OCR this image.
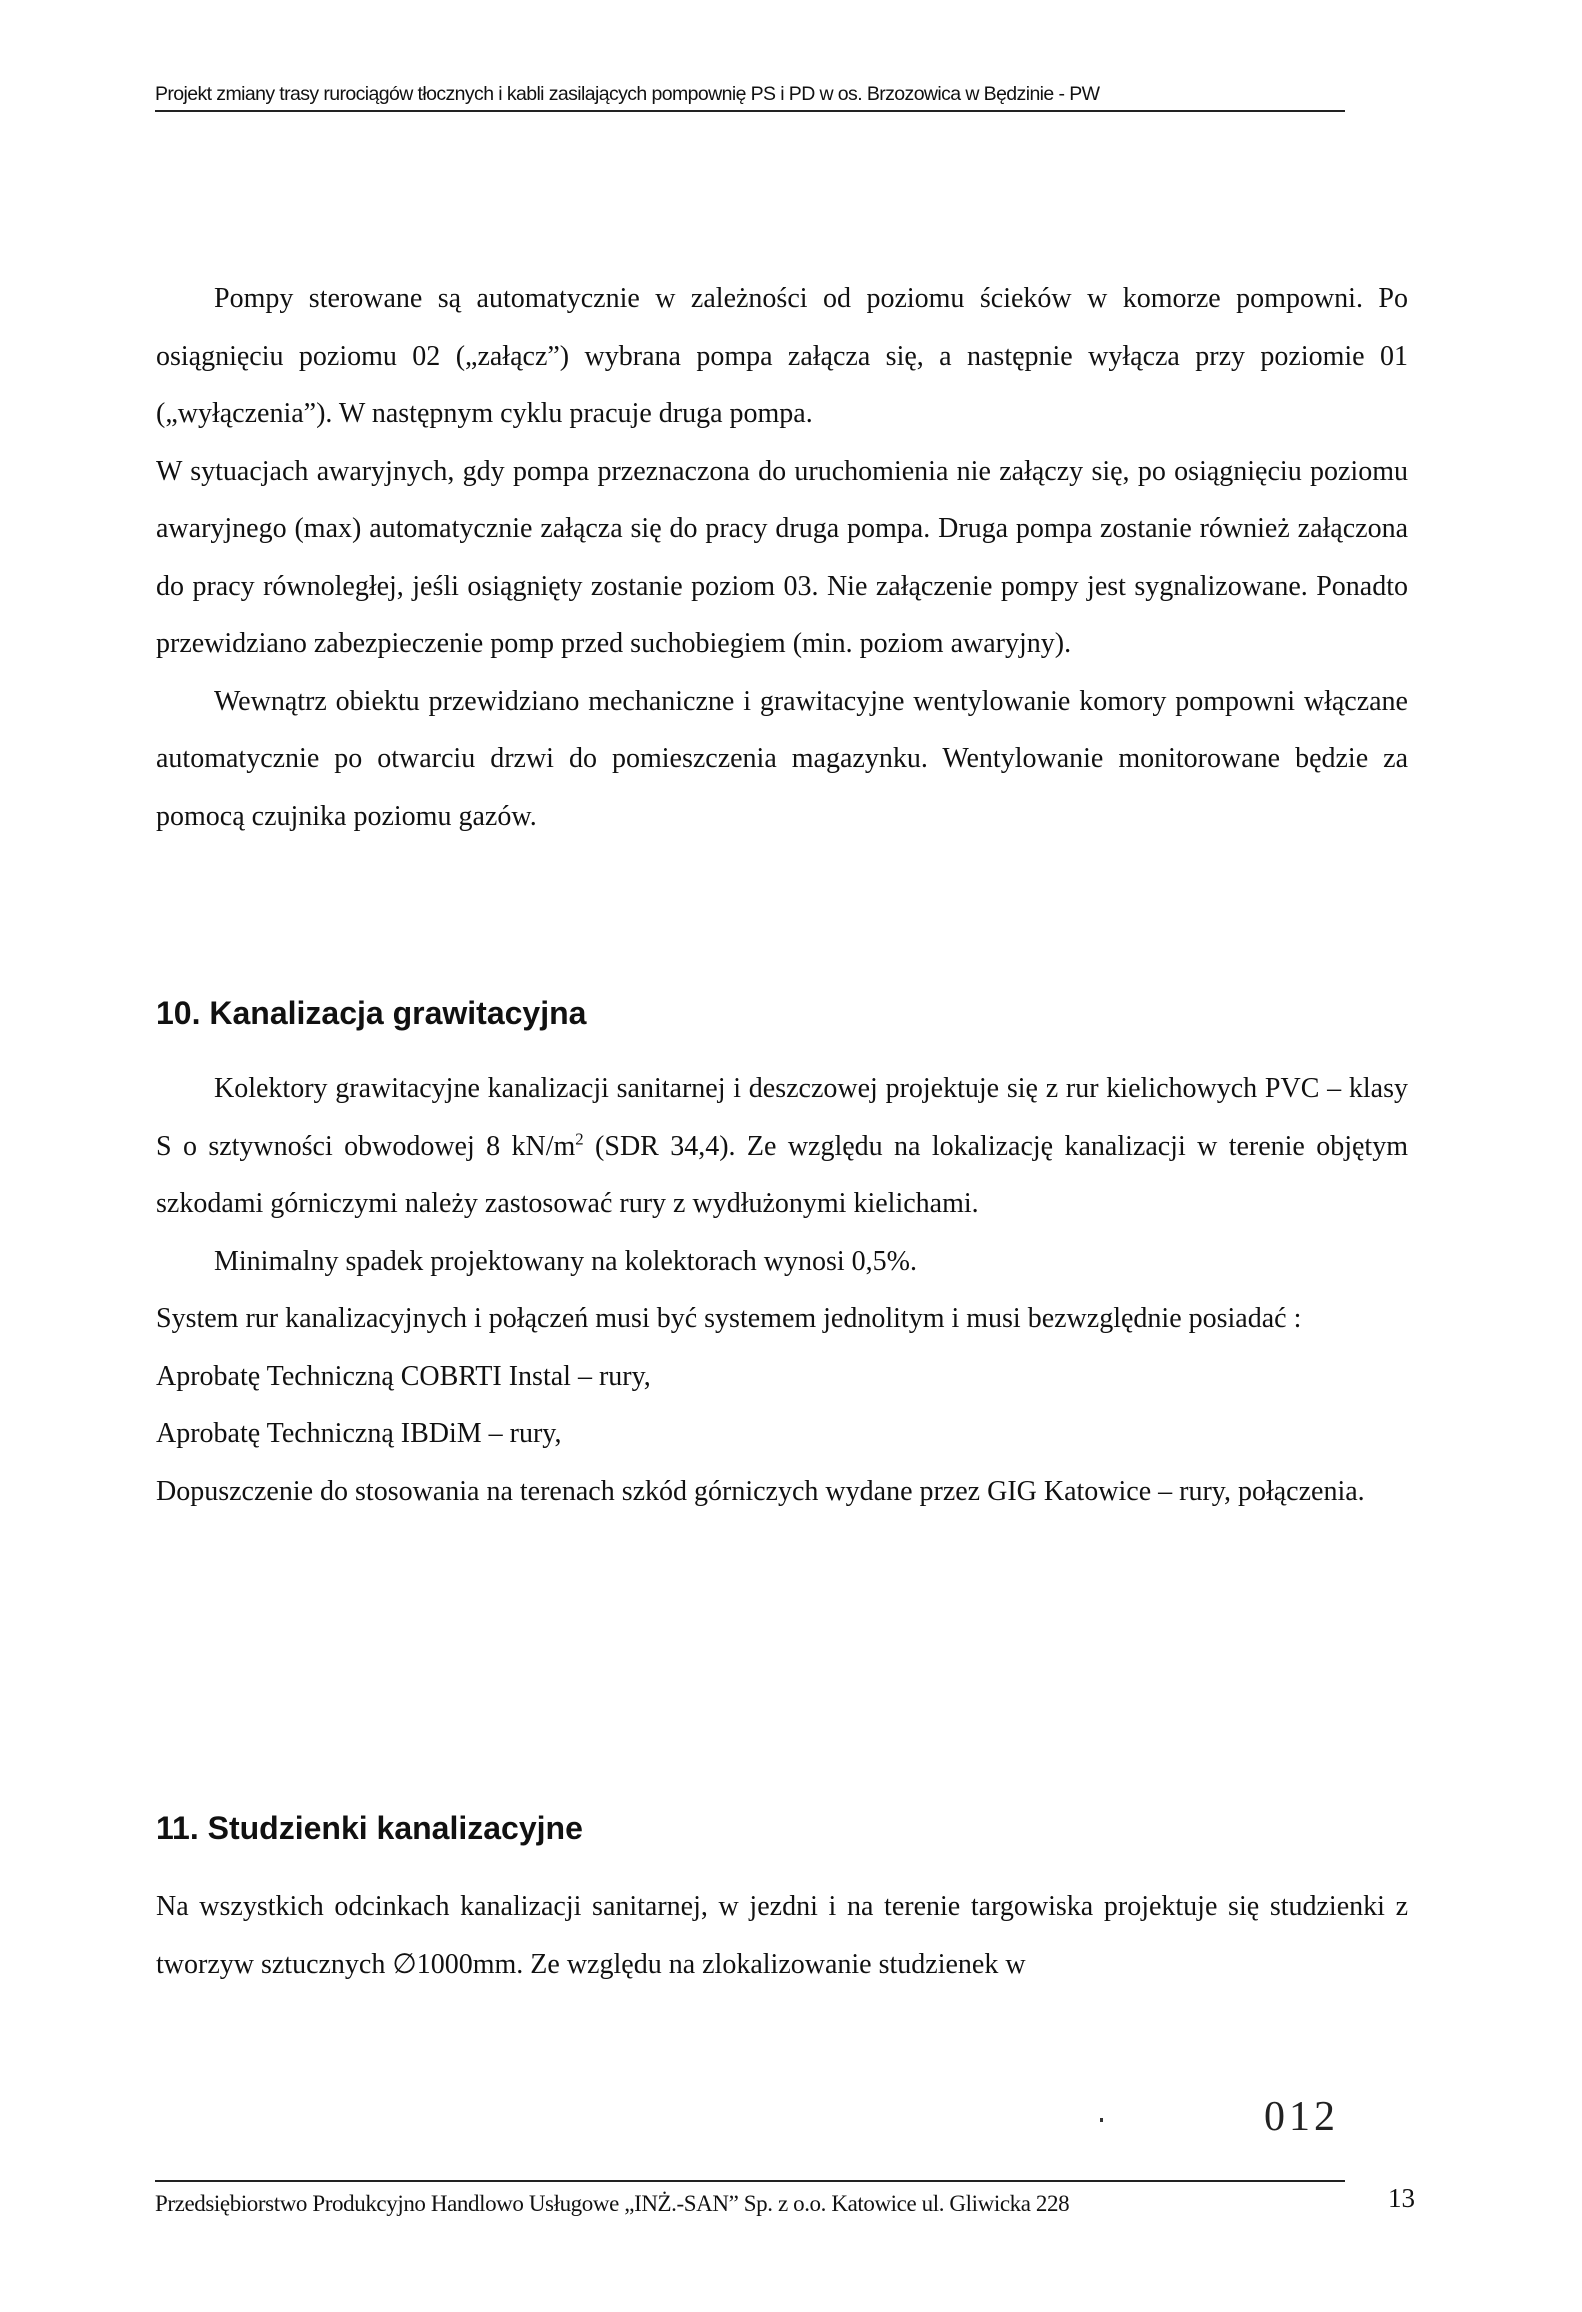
Projekt zmiany trasy rurociągów tłocznych i kabli zasilających pompownię PS i PD w os. Brzozowica w Będzinie - PW

Pompy sterowane są automatycznie w zależności od poziomu ścieków w komorze pompowni. Po osiągnięciu poziomu 02 („załącz”) wybrana pompa załącza się, a następnie wyłącza przy poziomie 01 („wyłączenia”). W następnym cyklu pracuje druga pompa.

W sytuacjach awaryjnych, gdy pompa przeznaczona do uruchomienia nie załączy się, po osiągnięciu poziomu awaryjnego (max) automatycznie załącza się do pracy druga pompa. Druga pompa zostanie również załączona do pracy równoległej, jeśli osiągnięty zostanie poziom 03. Nie załączenie pompy jest sygnalizowane. Ponadto przewidziano zabezpieczenie pomp przed suchobiegiem (min. poziom awaryjny).

Wewnątrz obiektu przewidziano mechaniczne i grawitacyjne wentylowanie komory pompowni włączane automatycznie po otwarciu drzwi do pomieszczenia magazynku. Wentylowanie monitorowane będzie za pomocą czujnika poziomu gazów.

10. Kanalizacja grawitacyjna

Kolektory grawitacyjne kanalizacji sanitarnej i deszczowej projektuje się z rur kielichowych PVC – klasy S o sztywności obwodowej 8 $kN/m^2$ (SDR 34,4). Ze względu na lokalizację kanalizacji w terenie objętym szkodami górniczymi należy zastosować rury z wydłużonymi kielichami.

Minimalny spadek projektowany na kolektorach wynosi 0,5%.

System rur kanalizacyjnych i połączeń musi być systemem jednolitym i musi bezwzględnie posiadać :

Aprobatę Techniczną COBRTI Instal – rury,

Aprobatę Techniczną IBDiM – rury,

Dopuszczenie do stosowania na terenach szkód górniczych wydane przez GIG Katowice – rury, połączenia.

11. Studzienki kanalizacyjne

Na wszystkich odcinkach kanalizacji sanitarnej, w jezdni i na terenie targowiska projektuje się studzienki z tworzyw sztucznych ∅1000mm. Ze względu na zlokalizowanie studzienek w

012
Przedsiębiorstwo Produkcyjno Handlowo Usługowe „INŻ.-SAN” Sp. z o.o. Katowice ul. Gliwicka 228	13
